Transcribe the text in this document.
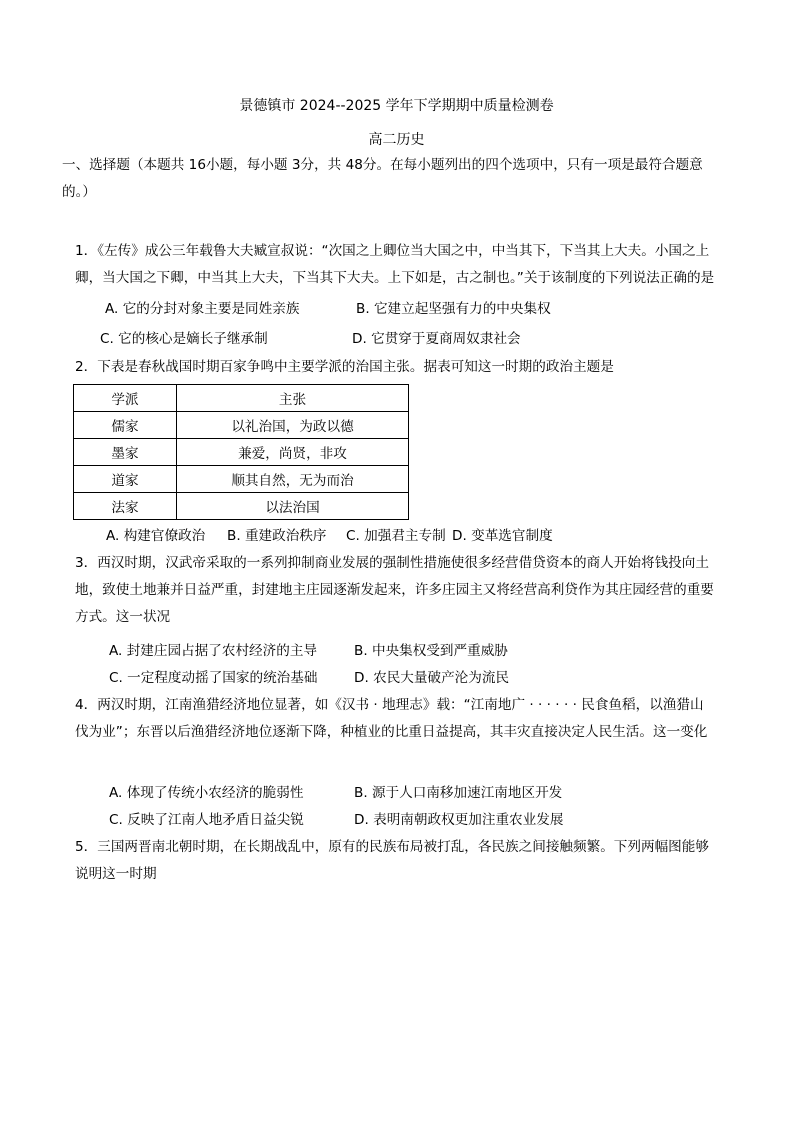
景德镇市 2024--2025 学年下学期期中质量检测卷
高二历史

一、选择题（本题共 16小题，每小题 3分，共 48分。在每小题列出的四个选项中，只有一项是最符合题意的。）

1．《左传》成公三年载鲁大夫臧宣叔说：“次国之上卿位当大国之中，中当其下，下当其上大夫。小国之上卿，当大国之下卿，中当其上大夫，下当其下大夫。上下如是，古之制也。”关于该制度的下列说法正确的是

A. 它的分封对象主要是同姓亲族	B. 它建立起坚强有力的中央集权
C. 它的核心是嫡长子继承制	D. 它贯穿于夏商周奴隶社会

2．下表是春秋战国时期百家争鸣中主要学派的治国主张。据表可知这一时期的政治主题是

学派	主张
儒家	以礼治国，为政以德
墨家	兼爱，尚贤，非攻
道家	顺其自然，无为而治
法家	以法治国
A. 构建官僚政治 B. 重建政治秩序 C. 加强君主专制 D. 变革选官制度

3．西汉时期，汉武帝采取的一系列抑制商业发展的强制性措施使很多经营借贷资本的商人开始将钱投向土地，致使土地兼并日益严重，封建地主庄园逐渐发起来，许多庄园主又将经营高利贷作为其庄园经营的重要方式。这一状况

A. 封建庄园占据了农村经济的主导	B. 中央集权受到严重威胁
C. 一定程度动摇了国家的统治基础	D. 农民大量破产沦为流民

4．两汉时期，江南渔猎经济地位显著，如《汉书 · 地理志》载：“江南地广 · · · · · · 民食鱼稻，以渔猎山伐为业”；东晋以后渔猎经济地位逐渐下降，种植业的比重日益提高，其丰灾直接决定人民生活。这一变化

A. 体现了传统小农经济的脆弱性	B. 源于人口南移加速江南地区开发
C. 反映了江南人地矛盾日益尖锐	D. 表明南朝政权更加注重农业发展

5．三国两晋南北朝时期，在长期战乱中，原有的民族布局被打乱，各民族之间接触频繁。下列两幅图能够说明这一时期
